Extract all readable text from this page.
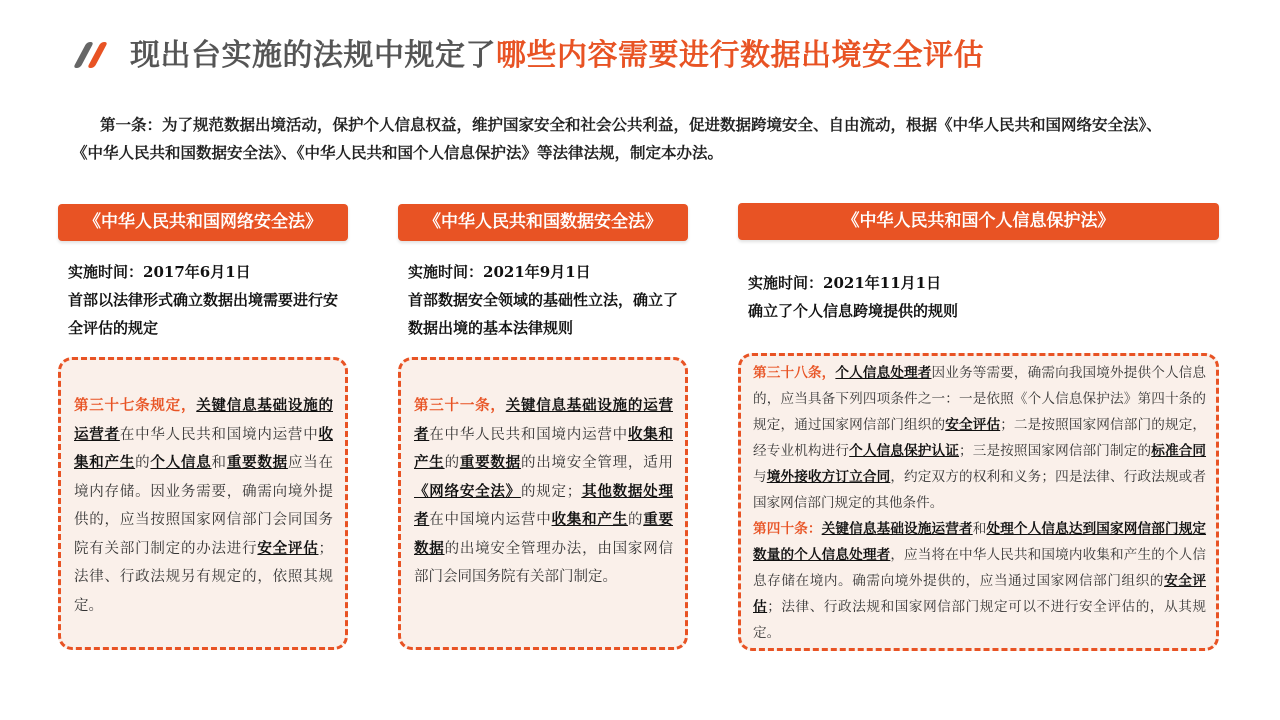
现出台实施的法规中规定了哪些内容需要进行数据出境安全评估
第一条：为了规范数据出境活动，保护个人信息权益，维护国家安全和社会公共利益，促进数据跨境安全、自由流动，根据《中华人民共和国网络安全法》、《中华人民共和国数据安全法》、《中华人民共和国个人信息保护法》等法律法规，制定本办法。
《中华人民共和国网络安全法》
实施时间：2017年6月1日
首部以法律形式确立数据出境需要进行安全评估的规定

第三十七条规定，关键信息基础设施的运营者在中华人民共和国境内运营中收集和产生的个人信息和重要数据应当在境内存储。因业务需要，确需向境外提供的，应当按照国家网信部门会同国务院有关部门制定的办法进行安全评估；法律、行政法规另有规定的，依照其规定。

《中华人民共和国数据安全法》
实施时间：2021年9月1日
首部数据安全领域的基础性立法，确立了数据出境的基本法律规则

第三十一条，关键信息基础设施的运营者在中华人民共和国境内运营中收集和产生的重要数据的出境安全管理，适用《网络安全法》的规定；其他数据处理者在中国境内运营中收集和产生的重要数据的出境安全管理办法，由国家网信部门会同国务院有关部门制定。

《中华人民共和国个人信息保护法》
实施时间：2021年11月1日
确立了个人信息跨境提供的规则

第三十八条，个人信息处理者因业务等需要，确需向我国境外提供个人信息的，应当具备下列四项条件之一：一是依照《个人信息保护法》第四十条的规定，通过国家网信部门组织的安全评估；二是按照国家网信部门的规定，经专业机构进行个人信息保护认证；三是按照国家网信部门制定的标准合同与境外接收方订立合同，约定双方的权利和义务；四是法律、行政法规或者国家网信部门规定的其他条件。
第四十条：关键信息基础设施运营者和处理个人信息达到国家网信部门规定数量的个人信息处理者，应当将在中华人民共和国境内收集和产生的个人信息存储在境内。确需向境外提供的，应当通过国家网信部门组织的安全评估；法律、行政法规和国家网信部门规定可以不进行安全评估的，从其规定。
